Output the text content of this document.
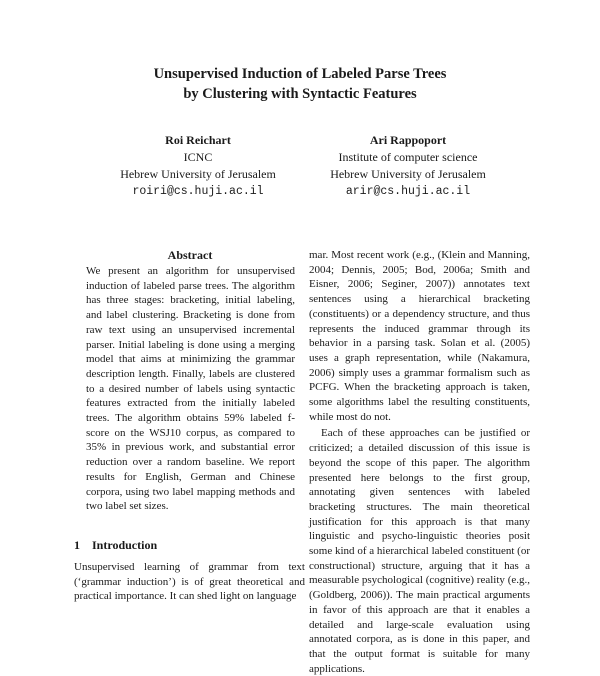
Unsupervised Induction of Labeled Parse Trees
by Clustering with Syntactic Features
Roi Reichart
ICNC
Hebrew University of Jerusalem
roiri@cs.huji.ac.il
Ari Rappoport
Institute of computer science
Hebrew University of Jerusalem
arir@cs.huji.ac.il
Abstract
We present an algorithm for unsupervised induction of labeled parse trees. The algorithm has three stages: bracketing, initial labeling, and label clustering. Bracketing is done from raw text using an unsupervised incremental parser. Initial labeling is done using a merging model that aims at minimizing the grammar description length. Finally, labels are clustered to a desired number of labels using syntactic features extracted from the initially labeled trees. The algorithm obtains 59% labeled f-score on the WSJ10 corpus, as compared to 35% in previous work, and substantial error reduction over a random baseline. We report results for English, German and Chinese corpora, using two label mapping methods and two label set sizes.
1 Introduction
Unsupervised learning of grammar from text (‘grammar induction’) is of great theoretical and practical importance. It can shed light on language

mar. Most recent work (e.g., (Klein and Manning, 2004; Dennis, 2005; Bod, 2006a; Smith and Eisner, 2006; Seginer, 2007)) annotates text sentences using a hierarchical bracketing (constituents) or a dependency structure, and thus represents the induced grammar through its behavior in a parsing task. Solan et al. (2005) uses a graph representation, while (Nakamura, 2006) simply uses a grammar formalism such as PCFG. When the bracketing approach is taken, some algorithms label the resulting constituents, while most do not.

Each of these approaches can be justified or criticized; a detailed discussion of this issue is beyond the scope of this paper. The algorithm presented here belongs to the first group, annotating given sentences with labeled bracketing structures. The main theoretical justification for this approach is that many linguistic and psycho-linguistic theories posit some kind of a hierarchical labeled constituent (or constructional) structure, arguing that it has a measurable psychological (cognitive) reality (e.g., (Goldberg, 2006)). The main practical arguments in favor of this approach are that it enables a detailed and large-scale evaluation using annotated corpora, as is done in this paper, and that the output format is suitable for many applications.
